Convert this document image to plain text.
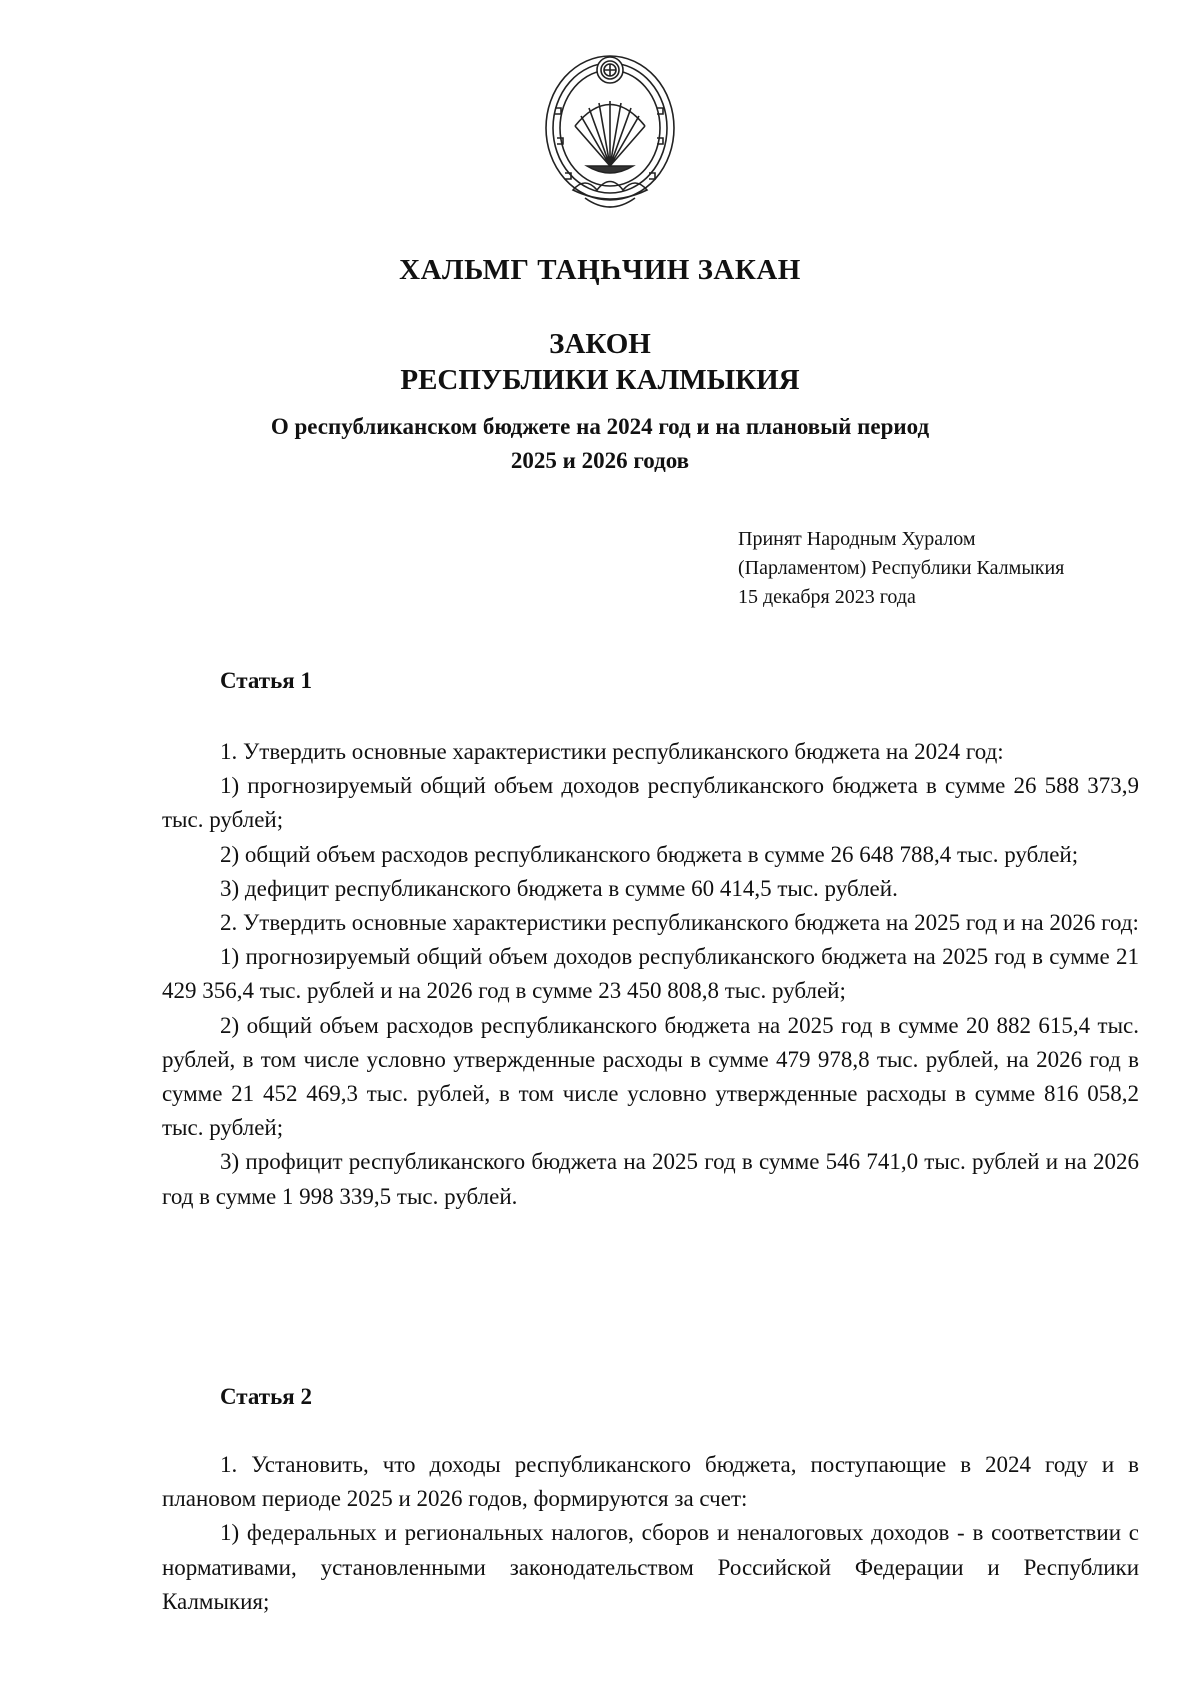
ХАЛЬМГ ТАҢҺЧИН ЗАКАН
ЗАКОН
РЕСПУБЛИКИ КАЛМЫКИЯ
О республиканском бюджете на 2024 год и на плановый период
2025 и 2026 годов
Принят Народным Хуралом
(Парламентом) Республики Калмыкия
15 декабря 2023 года
Статья 1

1. Утвердить основные характеристики республиканского бюджета на 2024 год:

1) прогнозируемый общий объем доходов республиканского бюджета в сумме 26 588 373,9 тыс. рублей;

2) общий объем расходов республиканского бюджета в сумме 26 648 788,4 тыс. рублей;

3) дефицит республиканского бюджета в сумме 60 414,5 тыс. рублей.

2. Утвердить основные характеристики республиканского бюджета на 2025 год и на 2026 год:

1) прогнозируемый общий объем доходов республиканского бюджета на 2025 год в сумме 21 429 356,4 тыс. рублей и на 2026 год в сумме 23 450 808,8 тыс. рублей;

2) общий объем расходов республиканского бюджета на 2025 год в сумме 20 882 615,4 тыс. рублей, в том числе условно утвержденные расходы в сумме 479 978,8 тыс. рублей, на 2026 год в сумме 21 452 469,3 тыс. рублей, в том числе условно утвержденные расходы в сумме 816 058,2 тыс. рублей;

3) профицит республиканского бюджета на 2025 год в сумме 546 741,0 тыс. рублей и на 2026 год в сумме 1 998 339,5 тыс. рублей.

Статья 2

1. Установить, что доходы республиканского бюджета, поступающие в 2024 году и в плановом периоде 2025 и 2026 годов, формируются за счет:

1) федеральных и региональных налогов, сборов и неналоговых доходов - в соответствии с нормативами, установленными законодательством Российской Федерации и Республики Калмыкия;
